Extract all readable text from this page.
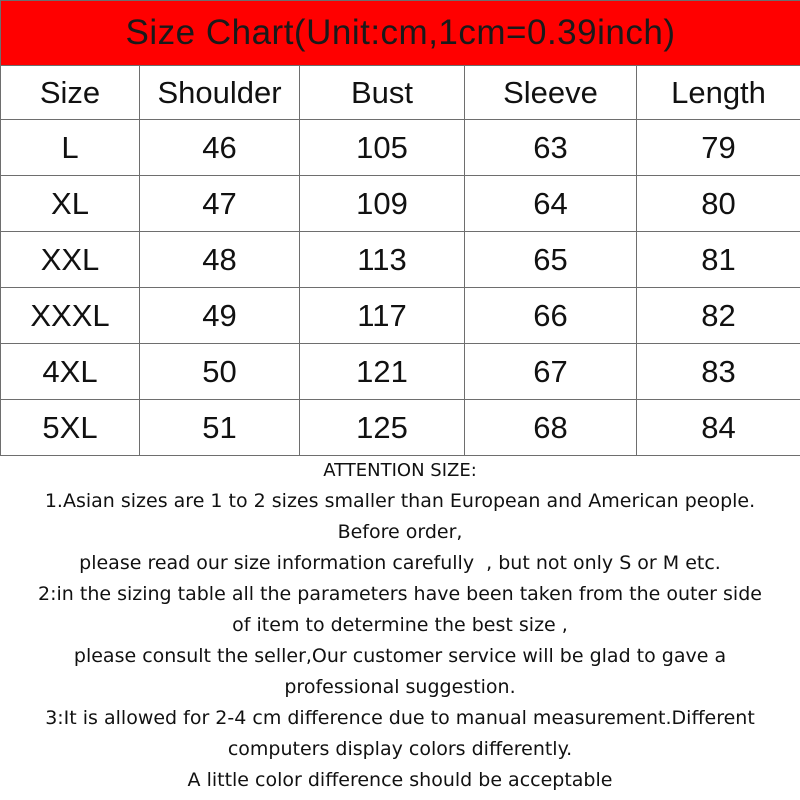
Size Chart(Unit:cm,1cm=0.39inch)				
Size	Shoulder	Bust	Sleeve	Length
L	46	105	63	79
XL	47	109	64	80
XXL	48	113	65	81
XXXL	49	117	66	82
4XL	50	121	67	83
5XL	51	125	68	84
ATTENTION SIZE:
1.Asian sizes are 1 to 2 sizes smaller than European and American people.
Before order,
please read our size information carefully  , but not only S or M etc.
2:in the sizing table all the parameters have been taken from the outer side
of item to determine the best size ,
please consult the seller,Our customer service will be glad to gave a
professional suggestion.
3:It is allowed for 2-4 cm difference due to manual measurement.Different
computers display colors differently.
A little color difference should be acceptable
